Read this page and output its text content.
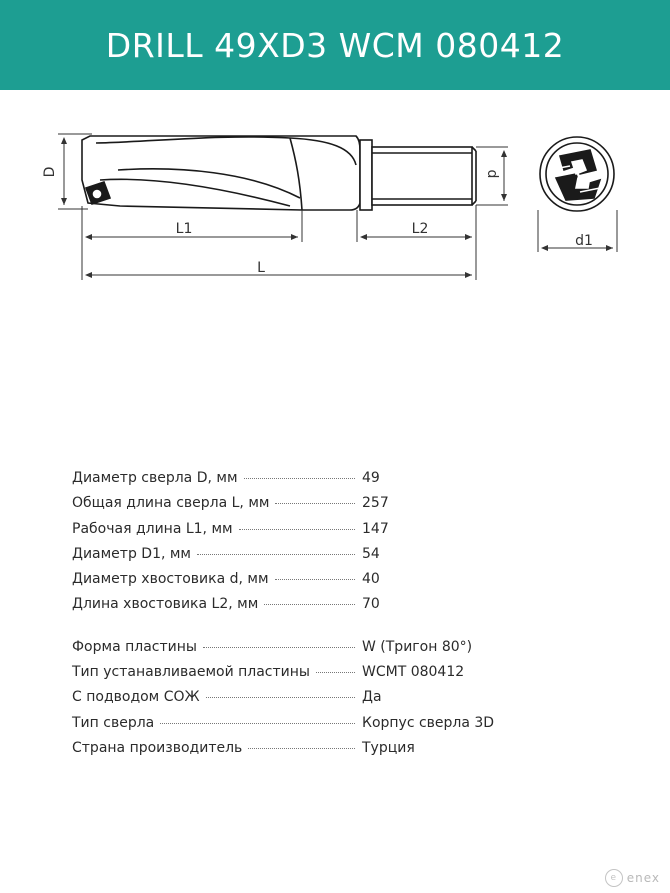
DRILL 49XD3 WCM 080412
D	d
L1	L2
L
d1
Диаметр сверла D, мм	49
Общая длина сверла L, мм	257
Рабочая длина L1, мм	147
Диаметр D1, мм	54
Диаметр хвостовика d, мм	40
Длина хвостовика L2, мм	70
Форма пластины	W (Тригон 80°)
Тип устанавливаемой пластины	WCMT 080412
С подводом СОЖ	Да
Тип сверла	Корпус сверла 3D
Страна производитель	Турция
e enex
